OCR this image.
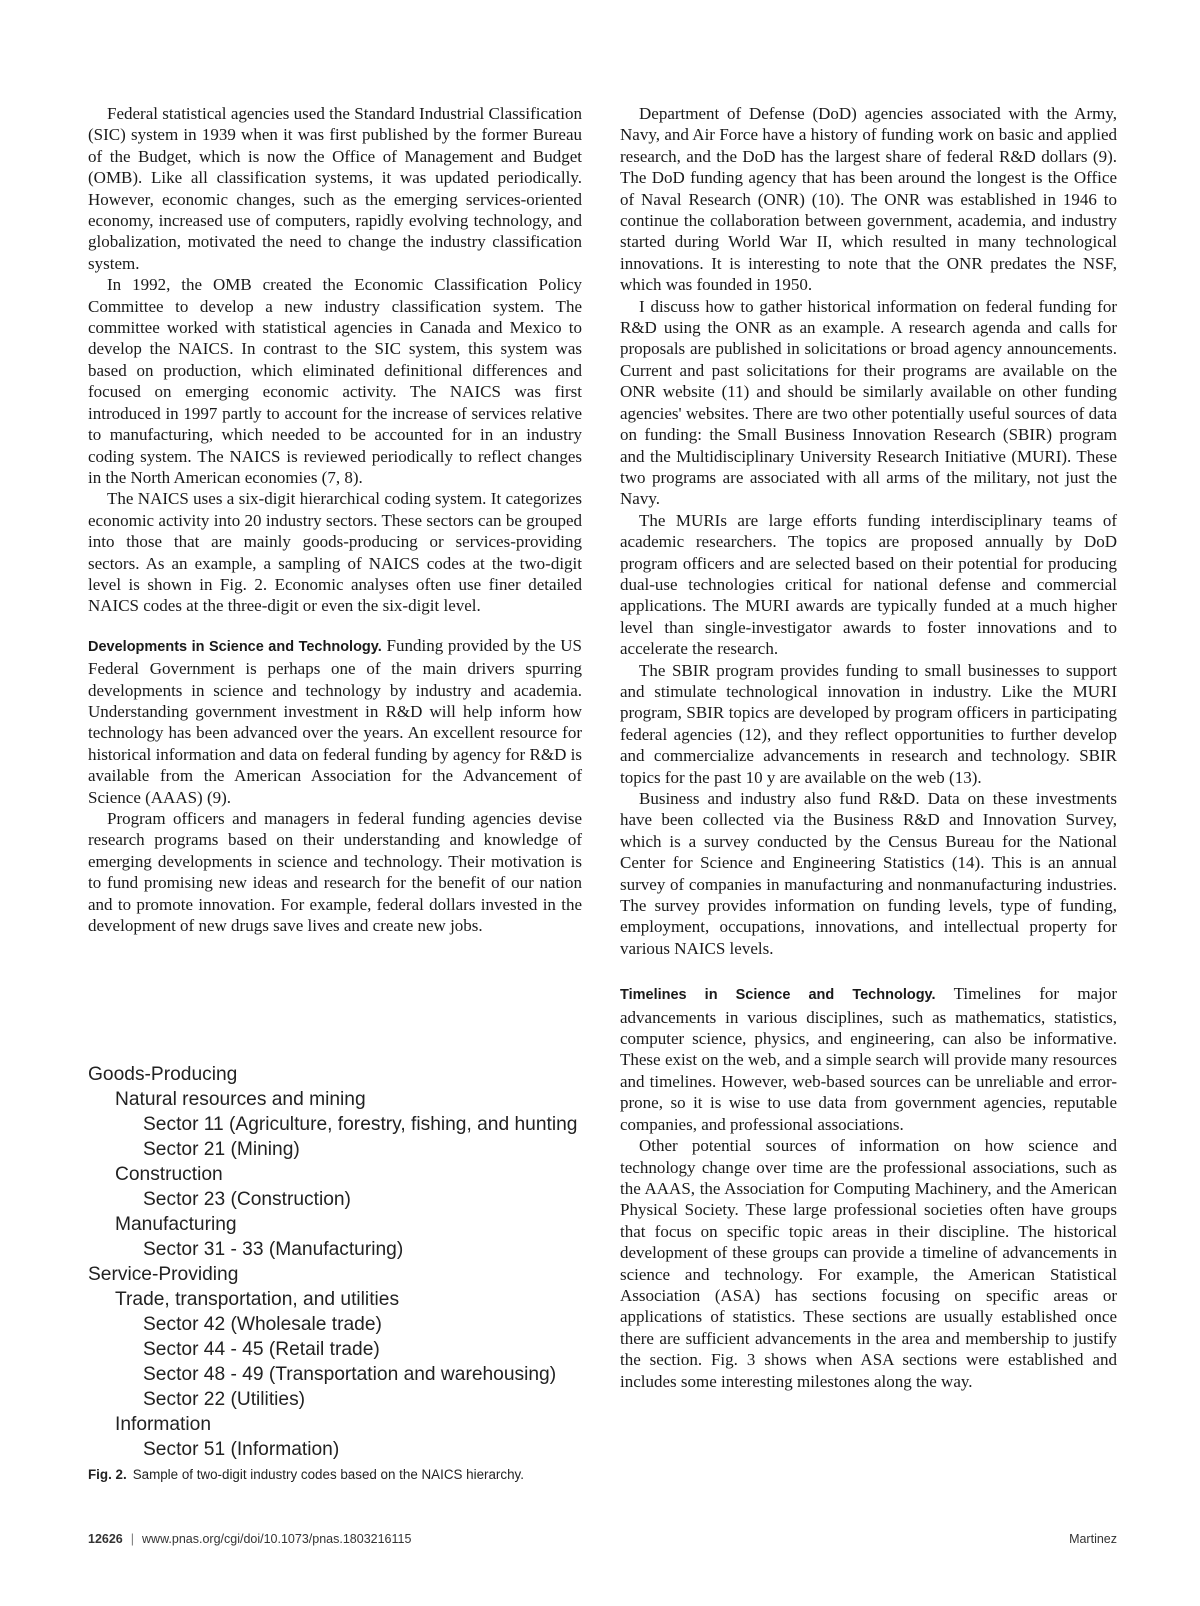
Federal statistical agencies used the Standard Industrial Classification (SIC) system in 1939 when it was first published by the former Bureau of the Budget, which is now the Office of Management and Budget (OMB). Like all classification systems, it was updated periodically. However, economic changes, such as the emerging services-oriented economy, increased use of computers, rapidly evolving technology, and globalization, motivated the need to change the industry classification system.

In 1992, the OMB created the Economic Classification Policy Committee to develop a new industry classification system. The committee worked with statistical agencies in Canada and Mexico to develop the NAICS. In contrast to the SIC system, this system was based on production, which eliminated definitional differences and focused on emerging economic activity. The NAICS was first introduced in 1997 partly to account for the increase of services relative to manufacturing, which needed to be accounted for in an industry coding system. The NAICS is reviewed periodically to reflect changes in the North American economies (7, 8).

The NAICS uses a six-digit hierarchical coding system. It categorizes economic activity into 20 industry sectors. These sectors can be grouped into those that are mainly goods-producing or services-providing sectors. As an example, a sampling of NAICS codes at the two-digit level is shown in Fig. 2. Economic analyses often use finer detailed NAICS codes at the three-digit or even the six-digit level.

Developments in Science and Technology. Funding provided by the US Federal Government is perhaps one of the main drivers spurring developments in science and technology by industry and academia. Understanding government investment in R&D will help inform how technology has been advanced over the years. An excellent resource for historical information and data on federal funding by agency for R&D is available from the American Association for the Advancement of Science (AAAS) (9).

Program officers and managers in federal funding agencies devise research programs based on their understanding and knowledge of emerging developments in science and technology. Their motivation is to fund promising new ideas and research for the benefit of our nation and to promote innovation. For example, federal dollars invested in the development of new drugs save lives and create new jobs.

Goods-Producing
Natural resources and mining
Sector 11 (Agriculture, forestry, fishing, and hunting
Sector 21 (Mining)
Construction
Sector 23 (Construction)
Manufacturing
Sector 31 - 33 (Manufacturing)
Service-Providing
Trade, transportation, and utilities
Sector 42 (Wholesale trade)
Sector 44 - 45 (Retail trade)
Sector 48 - 49 (Transportation and warehousing)
Sector 22 (Utilities)
Information
Sector 51 (Information)
Fig. 2. Sample of two-digit industry codes based on the NAICS hierarchy.

Department of Defense (DoD) agencies associated with the Army, Navy, and Air Force have a history of funding work on basic and applied research, and the DoD has the largest share of federal R&D dollars (9). The DoD funding agency that has been around the longest is the Office of Naval Research (ONR) (10). The ONR was established in 1946 to continue the collaboration between government, academia, and industry started during World War II, which resulted in many technological innovations. It is interesting to note that the ONR predates the NSF, which was founded in 1950.

I discuss how to gather historical information on federal funding for R&D using the ONR as an example. A research agenda and calls for proposals are published in solicitations or broad agency announcements. Current and past solicitations for their programs are available on the ONR website (11) and should be similarly available on other funding agencies' websites. There are two other potentially useful sources of data on funding: the Small Business Innovation Research (SBIR) program and the Multidisciplinary University Research Initiative (MURI). These two programs are associated with all arms of the military, not just the Navy.

The MURIs are large efforts funding interdisciplinary teams of academic researchers. The topics are proposed annually by DoD program officers and are selected based on their potential for producing dual-use technologies critical for national defense and commercial applications. The MURI awards are typically funded at a much higher level than single-investigator awards to foster innovations and to accelerate the research.

The SBIR program provides funding to small businesses to support and stimulate technological innovation in industry. Like the MURI program, SBIR topics are developed by program officers in participating federal agencies (12), and they reflect opportunities to further develop and commercialize advancements in research and technology. SBIR topics for the past 10 y are available on the web (13).

Business and industry also fund R&D. Data on these investments have been collected via the Business R&D and Innovation Survey, which is a survey conducted by the Census Bureau for the National Center for Science and Engineering Statistics (14). This is an annual survey of companies in manufacturing and nonmanufacturing industries. The survey provides information on funding levels, type of funding, employment, occupations, innovations, and intellectual property for various NAICS levels.

Timelines in Science and Technology. Timelines for major advancements in various disciplines, such as mathematics, statistics, computer science, physics, and engineering, can also be informative. These exist on the web, and a simple search will provide many resources and timelines. However, web-based sources can be unreliable and error-prone, so it is wise to use data from government agencies, reputable companies, and professional associations.

Other potential sources of information on how science and technology change over time are the professional associations, such as the AAAS, the Association for Computing Machinery, and the American Physical Society. These large professional societies often have groups that focus on specific topic areas in their discipline. The historical development of these groups can provide a timeline of advancements in science and technology. For example, the American Statistical Association (ASA) has sections focusing on specific areas or applications of statistics. These sections are usually established once there are sufficient advancements in the area and membership to justify the section. Fig. 3 shows when ASA sections were established and includes some interesting milestones along the way.

12626 | www.pnas.org/cgi/doi/10.1073/pnas.1803216115	Martinez
